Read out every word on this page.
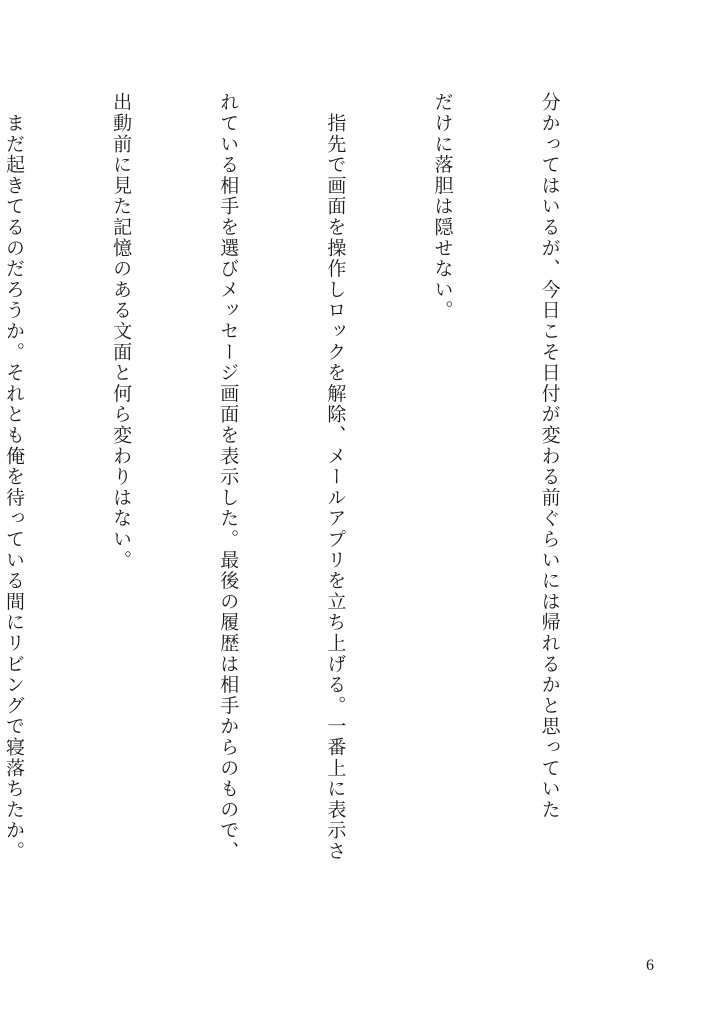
分かってはいるが、今日こそ日付が変わる前ぐらいには帰れるかと思っていた

だけに落胆は隠せない。

　指先で画面を操作しロックを解除、メールアプリを立ち上げる。一番上に表示さ

れている相手を選びメッセージ画面を表示した。最後の履歴は相手からのもので、

出動前に見た記憶のある文面と何ら変わりはない。

　まだ起きてるのだろうか。それとも俺を待っている間にリビングで寝落ちたか。

6
